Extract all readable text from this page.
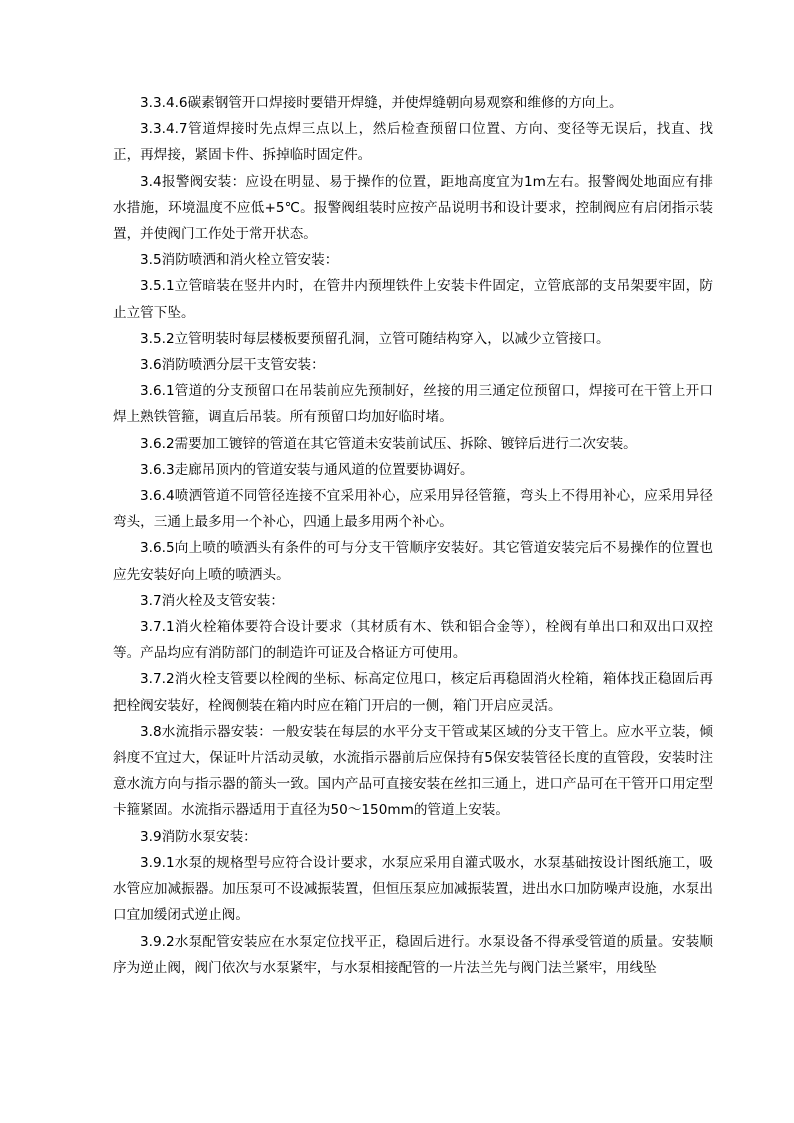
3.3.4.6碳素钢管开口焊接时要错开焊缝，并使焊缝朝向易观察和维修的方向上。

3.3.4.7管道焊接时先点焊三点以上，然后检查预留口位置、方向、变径等无误后，找直、找正，再焊接，紧固卡件、拆掉临时固定件。

3.4报警阀安装：应设在明显、易于操作的位置，距地高度宜为1m左右。报警阀处地面应有排水措施，环境温度不应低+5℃。报警阀组装时应按产品说明书和设计要求，控制阀应有启闭指示装置，并使阀门工作处于常开状态。

3.5消防喷洒和消火栓立管安装：

3.5.1立管暗装在竖井内时，在管井内预埋铁件上安装卡件固定，立管底部的支吊架要牢固，防止立管下坠。

3.5.2立管明装时每层楼板要预留孔洞，立管可随结构穿入，以减少立管接口。

3.6消防喷洒分层干支管安装：

3.6.1管道的分支预留口在吊装前应先预制好，丝接的用三通定位预留口，焊接可在干管上开口焊上熟铁管箍，调直后吊装。所有预留口均加好临时堵。

3.6.2需要加工镀锌的管道在其它管道未安装前试压、拆除、镀锌后进行二次安装。

3.6.3走廊吊顶内的管道安装与通风道的位置要协调好。

3.6.4喷洒管道不同管径连接不宜采用补心，应采用异径管箍，弯头上不得用补心，应采用异径弯头，三通上最多用一个补心，四通上最多用两个补心。

3.6.5向上喷的喷洒头有条件的可与分支干管顺序安装好。其它管道安装完后不易操作的位置也应先安装好向上喷的喷洒头。

3.7消火栓及支管安装：

3.7.1消火栓箱体要符合设计要求（其材质有木、铁和铝合金等），栓阀有单出口和双出口双控等。产品均应有消防部门的制造许可证及合格证方可使用。

3.7.2消火栓支管要以栓阀的坐标、标高定位甩口，核定后再稳固消火栓箱，箱体找正稳固后再把栓阀安装好，栓阀侧装在箱内时应在箱门开启的一侧，箱门开启应灵活。

3.8水流指示器安装：一般安装在每层的水平分支干管或某区域的分支干管上。应水平立装，倾斜度不宜过大，保证叶片活动灵敏，水流指示器前后应保持有5保安装管径长度的直管段，安装时注意水流方向与指示器的箭头一致。国内产品可直接安装在丝扣三通上，进口产品可在干管开口用定型卡箍紧固。水流指示器适用于直径为50～150mm的管道上安装。

3.9消防水泵安装：

3.9.1水泵的规格型号应符合设计要求，水泵应采用自灌式吸水，水泵基础按设计图纸施工，吸水管应加减振器。加压泵可不设减振装置，但恒压泵应加减振装置，进出水口加防噪声设施，水泵出口宜加缓闭式逆止阀。

3.9.2水泵配管安装应在水泵定位找平正，稳固后进行。水泵设备不得承受管道的质量。安装顺序为逆止阀，阀门依次与水泵紧牢，与水泵相接配管的一片法兰先与阀门法兰紧牢，用线坠
